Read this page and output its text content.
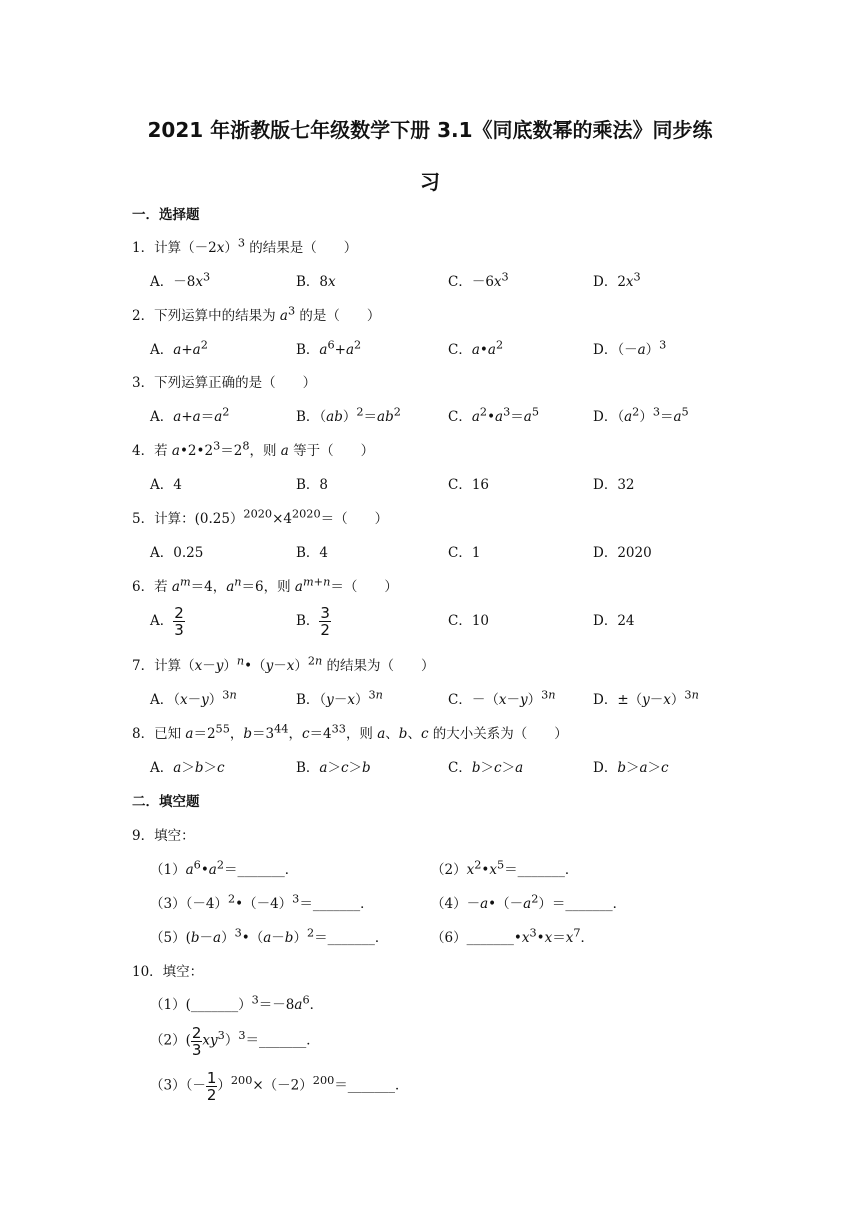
2021 年浙教版七年级数学下册 3.1《同底数幂的乘法》同步练
习
一．选择题
1．计算$(-2x)^3$ 的结果是（　　）
A．$-8x^3$	B．8x	C．$-6x^3$	D．$2x^3$
2．下列运算中的结果为 $a^3$ 的是（　　）
A．$a+a^2$	B．$a^6+a^2$	C．$a•a^2$	D．$(-a)^3$
3．下列运算正确的是（　　）
A．$a+a=a^2$	B．$(ab)^2=ab^2$	C．$a^2•a^3=a^5$	D．$(a^2)^3=a^5$
4．若 $a•2•2^3=2^8$，则 a 等于（　　）
A．4	B．8	C．16	D．32
5．计算：$(0.25)^{2020}\times 4^{2020}=$（　　）
A．0.25	B．4	C．1	D．2020
6．若 $a^m=4$，$a^n=6$，则 $a^{m+n}=$（　　）
A． $\frac{2}{3}$	B． $\frac{3}{2}$	C．10	D．24
7．计算$(x-y)^n•(y-x)^{2n}$ 的结果为（　　）
A．$(x-y)^{3n}$	B．$(y-x)^{3n}$	C．$-(x-y)^{3n}$	D．$\pm(y-x)^{3n}$
8．已知 $a=2^{55}$，$b=3^{44}$，$c=4^{33}$，则 a、b、c 的大小关系为（　　）
A．a＞b＞c	B．a＞c＞b	C．b＞c＞a	D．b＞a＞c
二．填空题
9．填空：
$(1)a^6•a^2=\_\_\_\_\_\_\_$．	$(2)x^2•x^5=\_\_\_\_\_\_\_$．
$(3)(-4)^2•(-4)^3=\_\_\_\_\_\_\_$．	$(4)-a•(-a^2)=\_\_\_\_\_\_\_$．
$(5)(b-a)^3•(a-b)^2=\_\_\_\_\_\_\_$．	$(6)\_\_\_\_\_\_\_•x^3•x=x^7$．
10．填空：
$(1)(\_\_\_\_\_\_\_)^3=-8a^6$．
$(2)( \frac{2}{3}$ $xy^3)^3=\_\_\_\_\_\_\_$．
$(3)(- \frac{1}{2}$ ）$^{200}\times(-2)^{200}=\_\_\_\_\_\_\_$．
